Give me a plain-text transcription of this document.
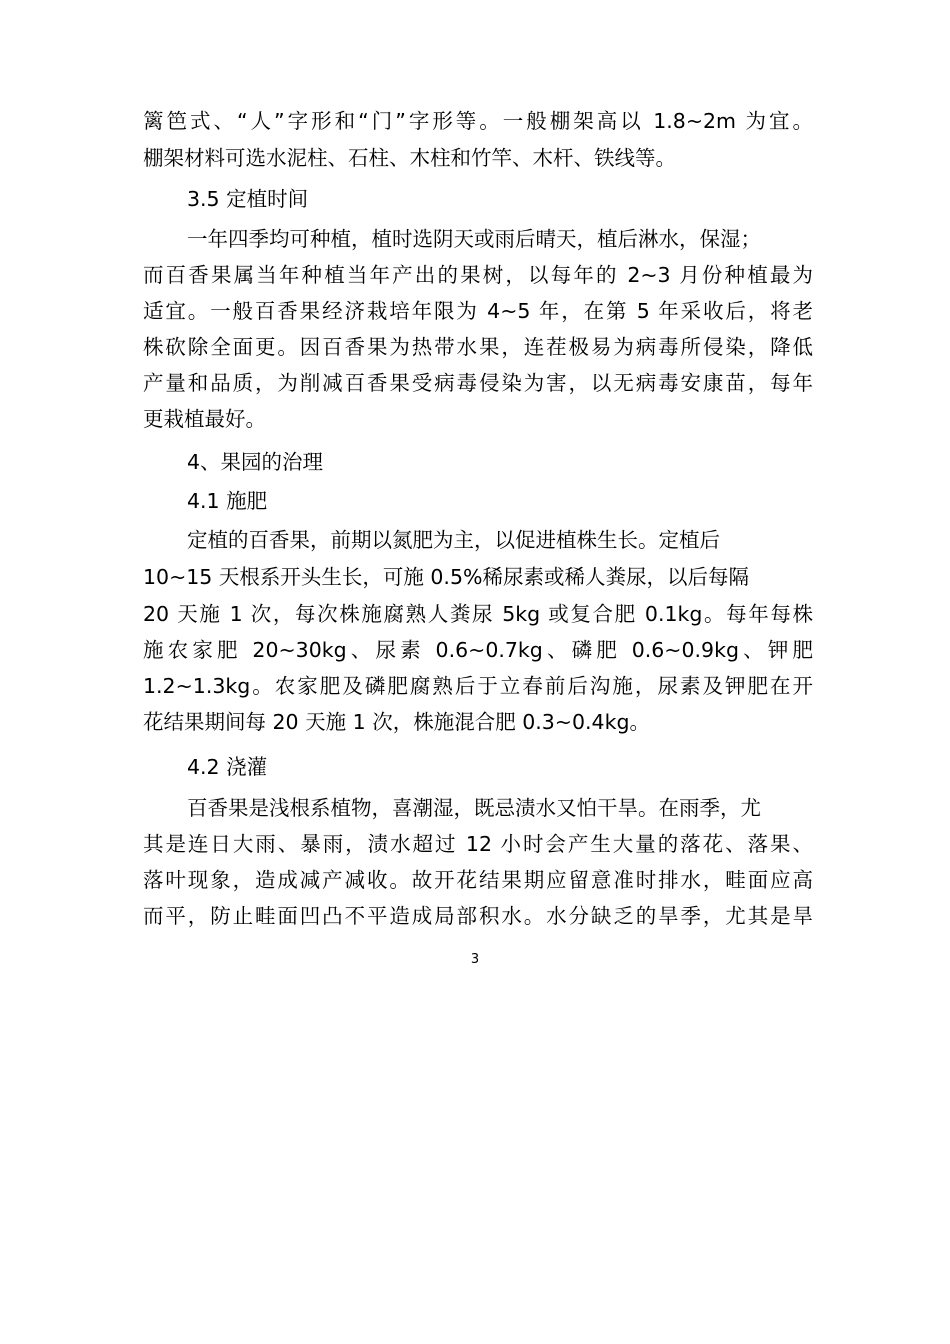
篱笆式、“人”字形和“门”字形等。一般棚架高以 1.8~2m 为宜。

棚架材料可选水泥柱、石柱、木柱和竹竿、木杆、铁线等。

3.5 定植时间

一年四季均可种植，植时选阴天或雨后晴天，植后淋水，保湿；

而百香果属当年种植当年产出的果树，以每年的 2~3 月份种植最为

适宜。一般百香果经济栽培年限为 4~5 年，在第 5 年采收后，将老

株砍除全面更。因百香果为热带水果，连茬极易为病毒所侵染，降低

产量和品质，为削减百香果受病毒侵染为害，以无病毒安康苗，每年

更栽植最好。

4、果园的治理

4.1 施肥

定植的百香果，前期以氮肥为主，以促进植株生长。定植后

10~15 天根系开头生长，可施 0.5%稀尿素或稀人粪尿，以后每隔

20 天施 1 次，每次株施腐熟人粪尿 5kg 或复合肥 0.1kg。每年每株

施农家肥 20~30kg、尿素 0.6~0.7kg、磷肥 0.6~0.9kg、钾肥

1.2~1.3kg。农家肥及磷肥腐熟后于立春前后沟施，尿素及钾肥在开

花结果期间每 20 天施 1 次，株施混合肥 0.3~0.4kg。

4.2 浇灌

百香果是浅根系植物，喜潮湿，既忌渍水又怕干旱。在雨季，尤

其是连日大雨、暴雨，渍水超过 12 小时会产生大量的落花、落果、

落叶现象，造成减产减收。故开花结果期应留意准时排水，畦面应高

而平，防止畦面凹凸不平造成局部积水。水分缺乏的旱季，尤其是旱

3
